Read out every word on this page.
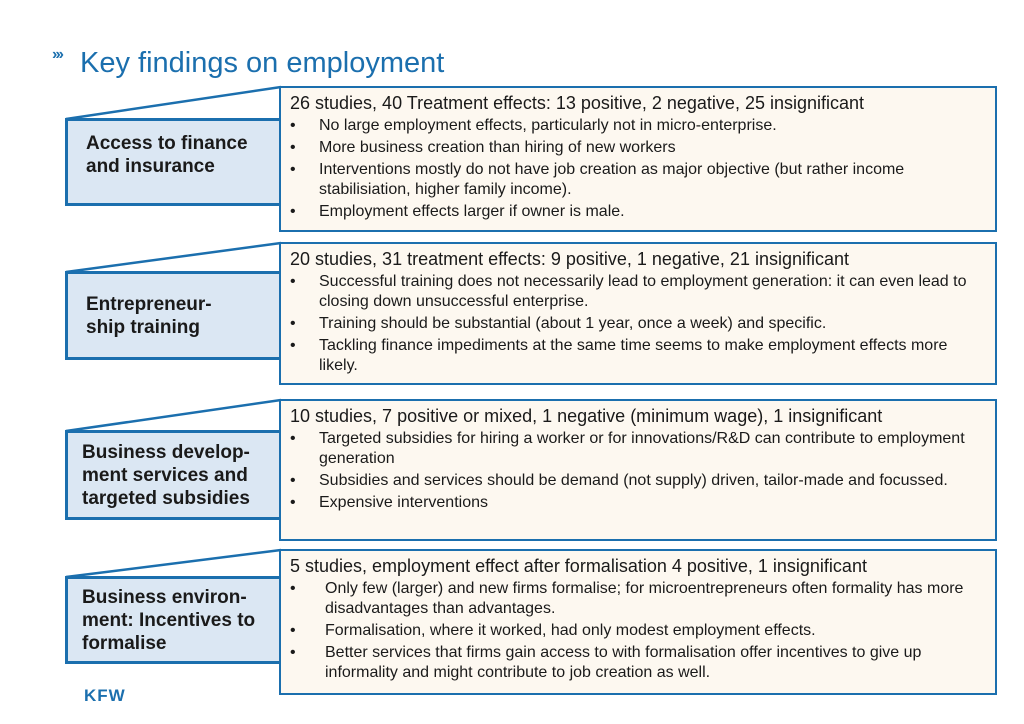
››› Key findings on employment
Access to finance and insurance
26 studies, 40 Treatment effects: 13 positive, 2 negative, 25 insignificant
• No large employment effects, particularly not in micro-enterprise.
• More business creation than hiring of new workers
• Interventions mostly do not have job creation as major objective (but rather income stabilisiation, higher family income).
• Employment effects larger if owner is male.
Entrepreneur-ship training
20 studies, 31 treatment effects: 9 positive, 1 negative, 21 insignificant
• Successful training does not necessarily lead to employment generation: it can even lead to closing down unsuccessful enterprise.
• Training should be substantial (about 1 year, once a week) and specific.
• Tackling finance impediments at the same time seems to make employment effects more likely.
Business develop-ment services and targeted subsidies
10 studies, 7 positive or mixed, 1 negative (minimum wage), 1 insignificant
• Targeted subsidies for hiring a worker or for innovations/R&D can contribute to employment generation
• Subsidies and services should be demand (not supply) driven, tailor-made and focussed.
• Expensive interventions
Business environ-ment: Incentives to formalise
5 studies, employment effect after formalisation 4 positive, 1 insignificant
• Only few (larger) and new firms formalise; for microentrepreneurs often formality has more disadvantages than advantages.
• Formalisation, where it worked, had only modest employment effects.
• Better services that firms gain access to with formalisation offer incentives to give up informality and might contribute to job creation as well.
KFW
